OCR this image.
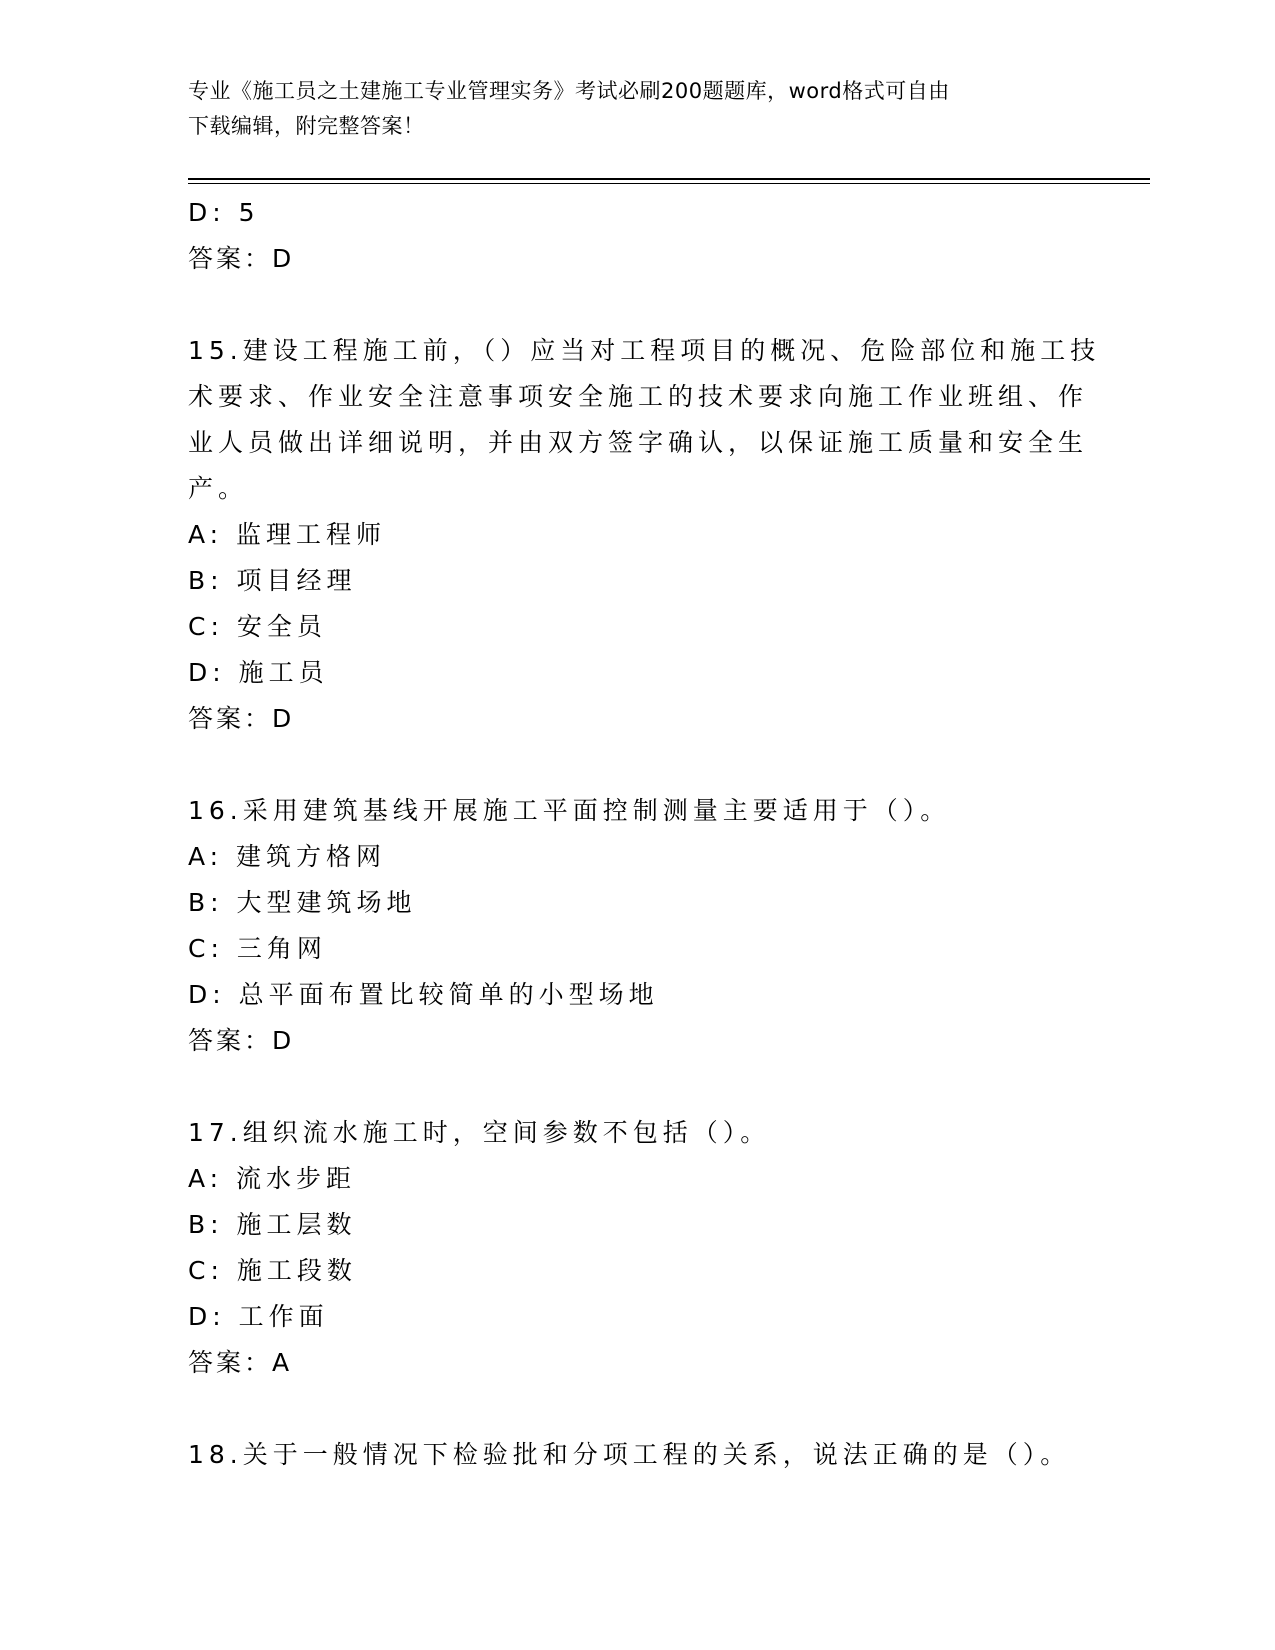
专业《施工员之土建施工专业管理实务》考试必刷200题题库，word格式可自由
下载编辑，附完整答案！

D: 5

答案：D

15.建设工程施工前，（）应当对工程项目的概况、危险部位和施工技

术要求、作业安全注意事项安全施工的技术要求向施工作业班组、作

业人员做出详细说明，并由双方签字确认，以保证施工质量和安全生

产。

A: 监理工程师

B: 项目经理

C: 安全员

D: 施工员

答案：D

16.采用建筑基线开展施工平面控制测量主要适用于（）。

A: 建筑方格网

B: 大型建筑场地

C: 三角网

D: 总平面布置比较简单的小型场地

答案：D

17.组织流水施工时，空间参数不包括（）。

A: 流水步距

B: 施工层数

C: 施工段数

D: 工作面

答案：A

18.关于一般情况下检验批和分项工程的关系，说法正确的是（）。
